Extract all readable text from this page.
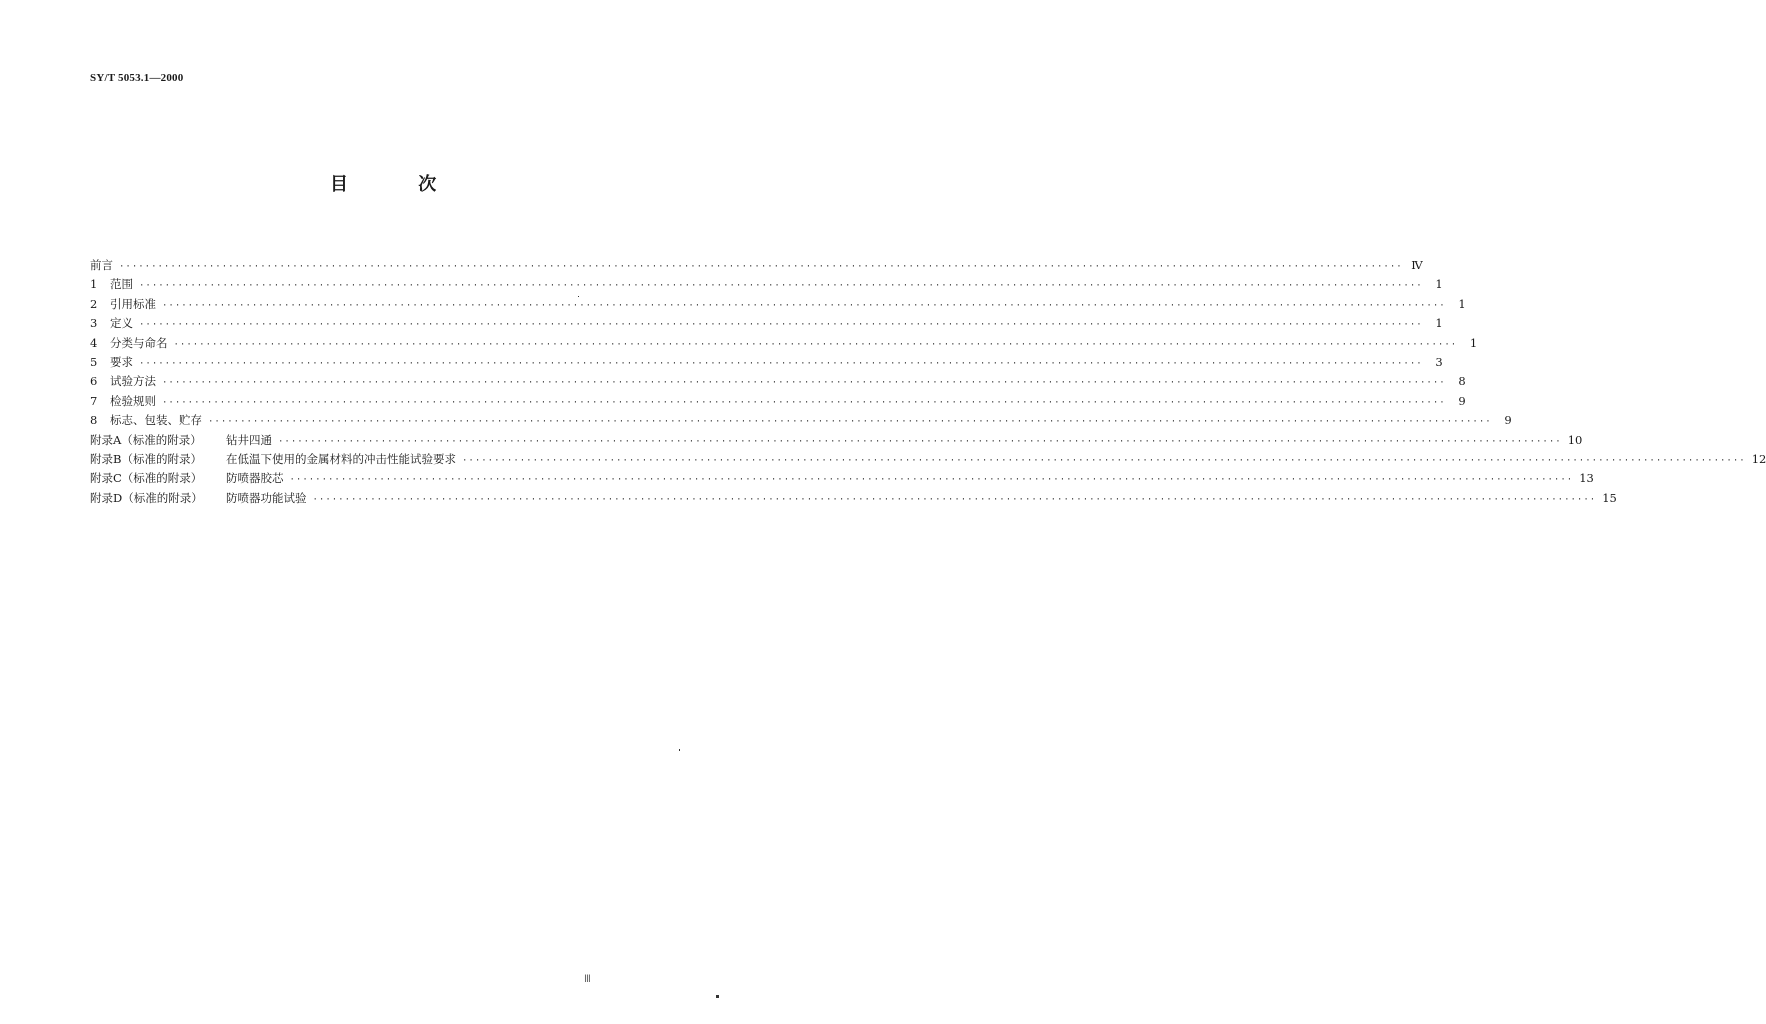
SY/T 5053.1—2000
目 次
前言 ········································································································································································································ Ⅳ
1 范围 ········································································································································································································	1
2 引用标准 ········································································································································································································	1
3 定义 ········································································································································································································	1
4 分类与命名 ········································································································································································································	1
5 要求 ········································································································································································································	3
6 试验方法 ········································································································································································································	8
7 检验规则 ········································································································································································································	9
8 标志、包装、贮存 ········································································································································································································	9
附录A（标准的附录） 钻井四通 ········································································································································································································ 10
附录B（标准的附录） 在低温下使用的金属材料的冲击性能试验要求 ········································································································································································································ 12
附录C（标准的附录） 防喷器胶芯 ········································································································································································································ 13
附录D（标准的附录） 防喷器功能试验 ········································································································································································································ 15
Ⅲ
